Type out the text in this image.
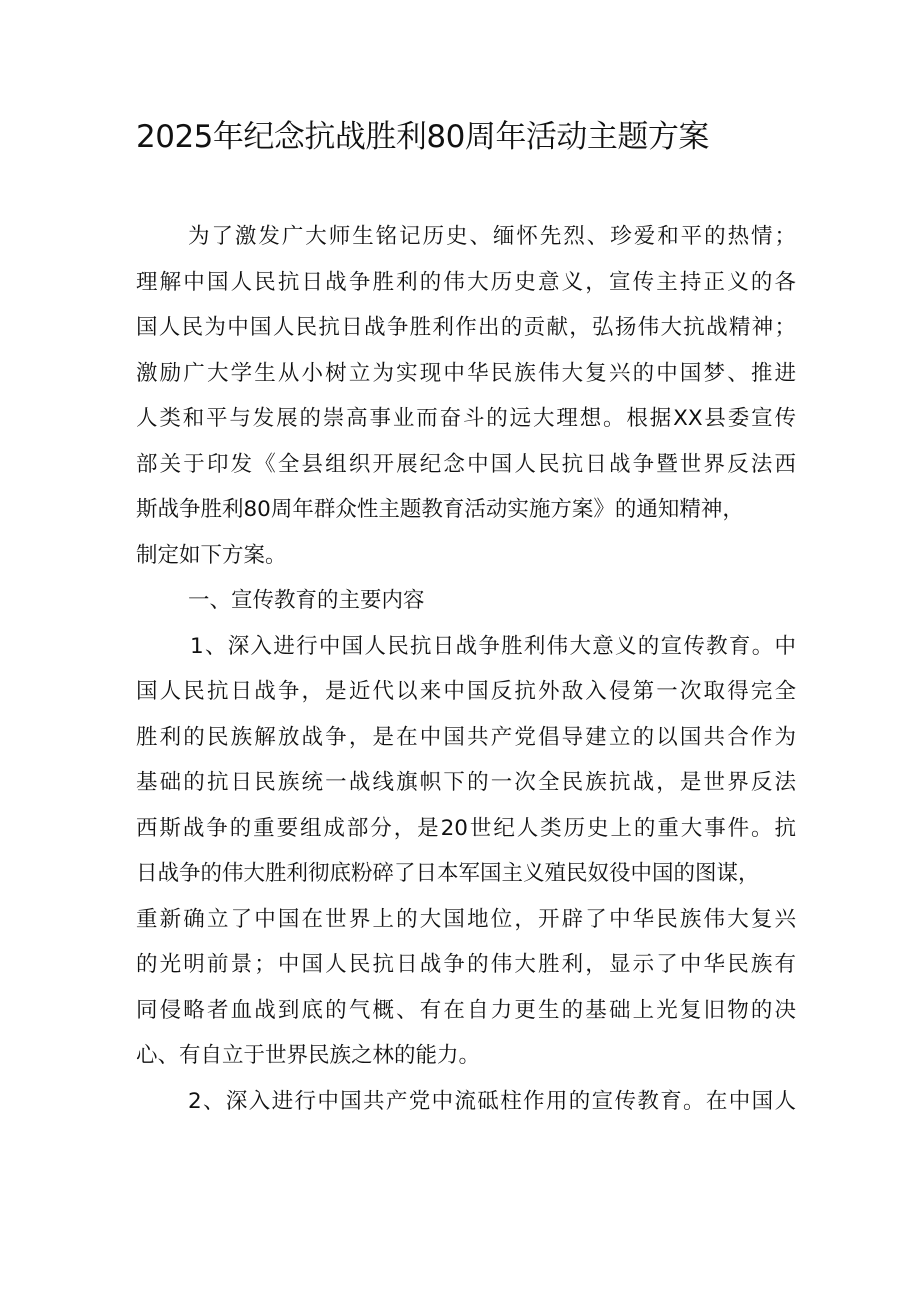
2025年纪念抗战胜利80周年活动主题方案
为了激发广大师生铭记历史、缅怀先烈、珍爱和平的热情；
理解中国人民抗日战争胜利的伟大历史意义，宣传主持正义的各
国人民为中国人民抗日战争胜利作出的贡献，弘扬伟大抗战精神；
激励广大学生从小树立为实现中华民族伟大复兴的中国梦、推进
人类和平与发展的崇高事业而奋斗的远大理想。根据XX县委宣传
部关于印发《全县组织开展纪念中国人民抗日战争暨世界反法西
斯战争胜利80周年群众性主题教育活动实施方案》的通知精神，
制定如下方案。
一、宣传教育的主要内容
1、深入进行中国人民抗日战争胜利伟大意义的宣传教育。中
国人民抗日战争，是近代以来中国反抗外敌入侵第一次取得完全
胜利的民族解放战争，是在中国共产党倡导建立的以国共合作为
基础的抗日民族统一战线旗帜下的一次全民族抗战，是世界反法
西斯战争的重要组成部分，是20世纪人类历史上的重大事件。抗
日战争的伟大胜利彻底粉碎了日本军国主义殖民奴役中国的图谋，
重新确立了中国在世界上的大国地位，开辟了中华民族伟大复兴
的光明前景；中国人民抗日战争的伟大胜利，显示了中华民族有
同侵略者血战到底的气概、有在自力更生的基础上光复旧物的决
心、有自立于世界民族之林的能力。
2、深入进行中国共产党中流砥柱作用的宣传教育。在中国人
